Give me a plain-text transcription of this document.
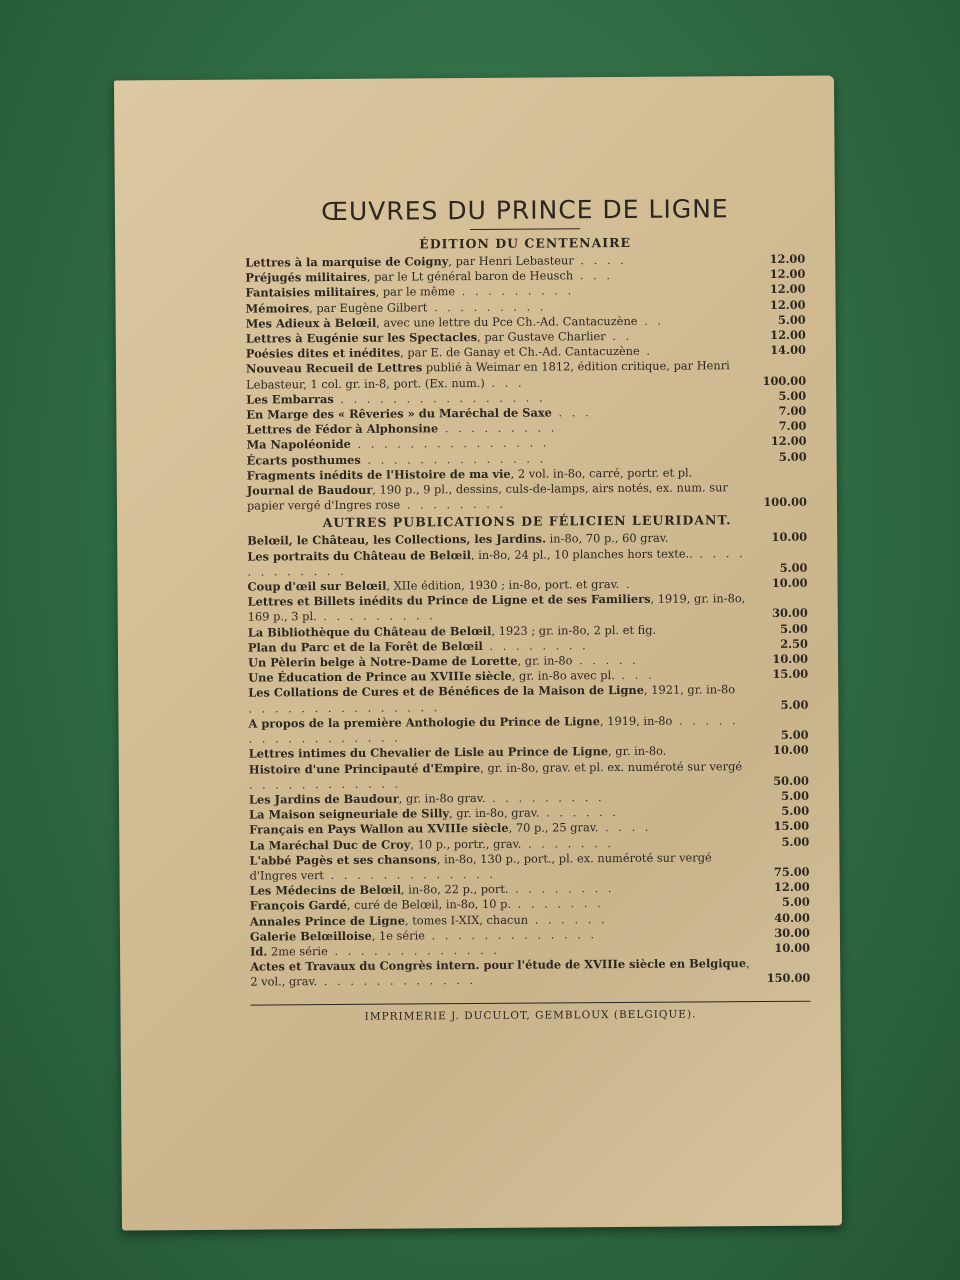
ŒUVRES DU PRINCE DE LIGNE
ÉDITION DU CENTENAIRE
Lettres à la marquise de Coigny, par Henri Lebasteur . . . .	12.00
Préjugés militaires, par le Lt général baron de Heusch . . .	12.00
Fantaisies militaires, par le même . . . . . . . . .	12.00
Mémoires, par Eugène Gilbert . . . . . . . . .	12.00
Mes Adieux à Belœil, avec une lettre du Pce Ch.-Ad. Cantacuzène . .	5.00
Lettres à Eugénie sur les Spectacles, par Gustave Charlier . .	12.00
Poésies dites et inédites, par E. de Ganay et Ch.-Ad. Cantacuzène .	14.00
Nouveau Recueil de Lettres publié à Weimar en 1812, édition critique, par Henri Lebasteur, 1 col. gr. in-8, port. (Ex. num.) . . .	100.00
Les Embarras . . . . . . . . . . . . . . . .	5.00
En Marge des « Rêveries » du Maréchal de Saxe . . .	7.00
Lettres de Fédor à Alphonsine . . . . . . . . .	7.00
Ma Napoléonide . . . . . . . . . . . . . . .	12.00
Écarts posthumes . . . . . . . . . . . . . .	5.00
Fragments inédits de l'Histoire de ma vie, 2 vol. in-8o, carré, portr. et pl.
Journal de Baudour, 190 p., 9 pl., dessins, culs-de-lamps, airs notés, ex. num. sur papier vergé d'Ingres rose . . . . . . . .	100.00
AUTRES PUBLICATIONS DE FÉLICIEN LEURIDANT.
Belœil, le Château, les Collections, les Jardins. in-8o, 70 p., 60 grav.	10.00
Les portraits du Château de Belœil, in-8o, 24 pl., 10 planches hors texte.. . . . . . . . . . . . .	5.00
Coup d'œil sur Belœil, XIIe édition, 1930 ; in-8o, port. et grav. .	10.00
Lettres et Billets inédits du Prince de Ligne et de ses Familiers, 1919, gr. in-8o, 169 p., 3 pl. . . . . . . . . .	30.00
La Bibliothèque du Château de Belœil, 1923 ; gr. in-8o, 2 pl. et fig.	5.00
Plan du Parc et de la Forêt de Belœil . . . . . . . .	2.50
Un Pèlerin belge à Notre-Dame de Lorette, gr. in-8o . . . . .	10.00
Une Éducation de Prince au XVIIIe siècle, gr. in-8o avec pl. . . .	15.00
Les Collations de Cures et de Bénéfices de la Maison de Ligne, 1921, gr. in-8o . . . . . . . . . . . . . . .	5.00
A propos de la première Anthologie du Prince de Ligne, 1919, in-8o . . . . . . . . . . . . . . . . .	5.00
Lettres intimes du Chevalier de Lisle au Prince de Ligne, gr. in-8o.	10.00
Histoire d'une Principauté d'Empire, gr. in-8o, grav. et pl. ex. numéroté sur vergé . . . . . . . . . . . .	50.00
Les Jardins de Baudour, gr. in-8o grav. . . . . . . . . .	5.00
La Maison seigneuriale de Silly, gr. in-8o, grav. . . . . . .	5.00
Français en Pays Wallon au XVIIIe siècle, 70 p., 25 grav. . . . .	15.00
La Maréchal Duc de Croy, 10 p., portr., grav. . . . . . . .	5.00
L'abbé Pagès et ses chansons, in-8o, 130 p., port., pl. ex. numéroté sur vergé d'Ingres vert . . . . . . . . . . . . .	75.00
Les Médecins de Belœil, in-8o, 22 p., port. . . . . . . . .	12.00
François Gardé, curé de Belœil, in-8o, 10 p. . . . . . . .	5.00
Annales Prince de Ligne, tomes I-XIX, chacun . . . . . .	40.00
Galerie Belœilloise, 1e série . . . . . . . . . . . . .	30.00
Id. 2me série . . . . . . . . . . . . .	10.00
Actes et Travaux du Congrès intern. pour l'étude de XVIIIe siècle en Belgique, 2 vol., grav. . . . . . . . . . . . .	150.00
IMPRIMERIE J. DUCULOT, GEMBLOUX (BELGIQUE).
